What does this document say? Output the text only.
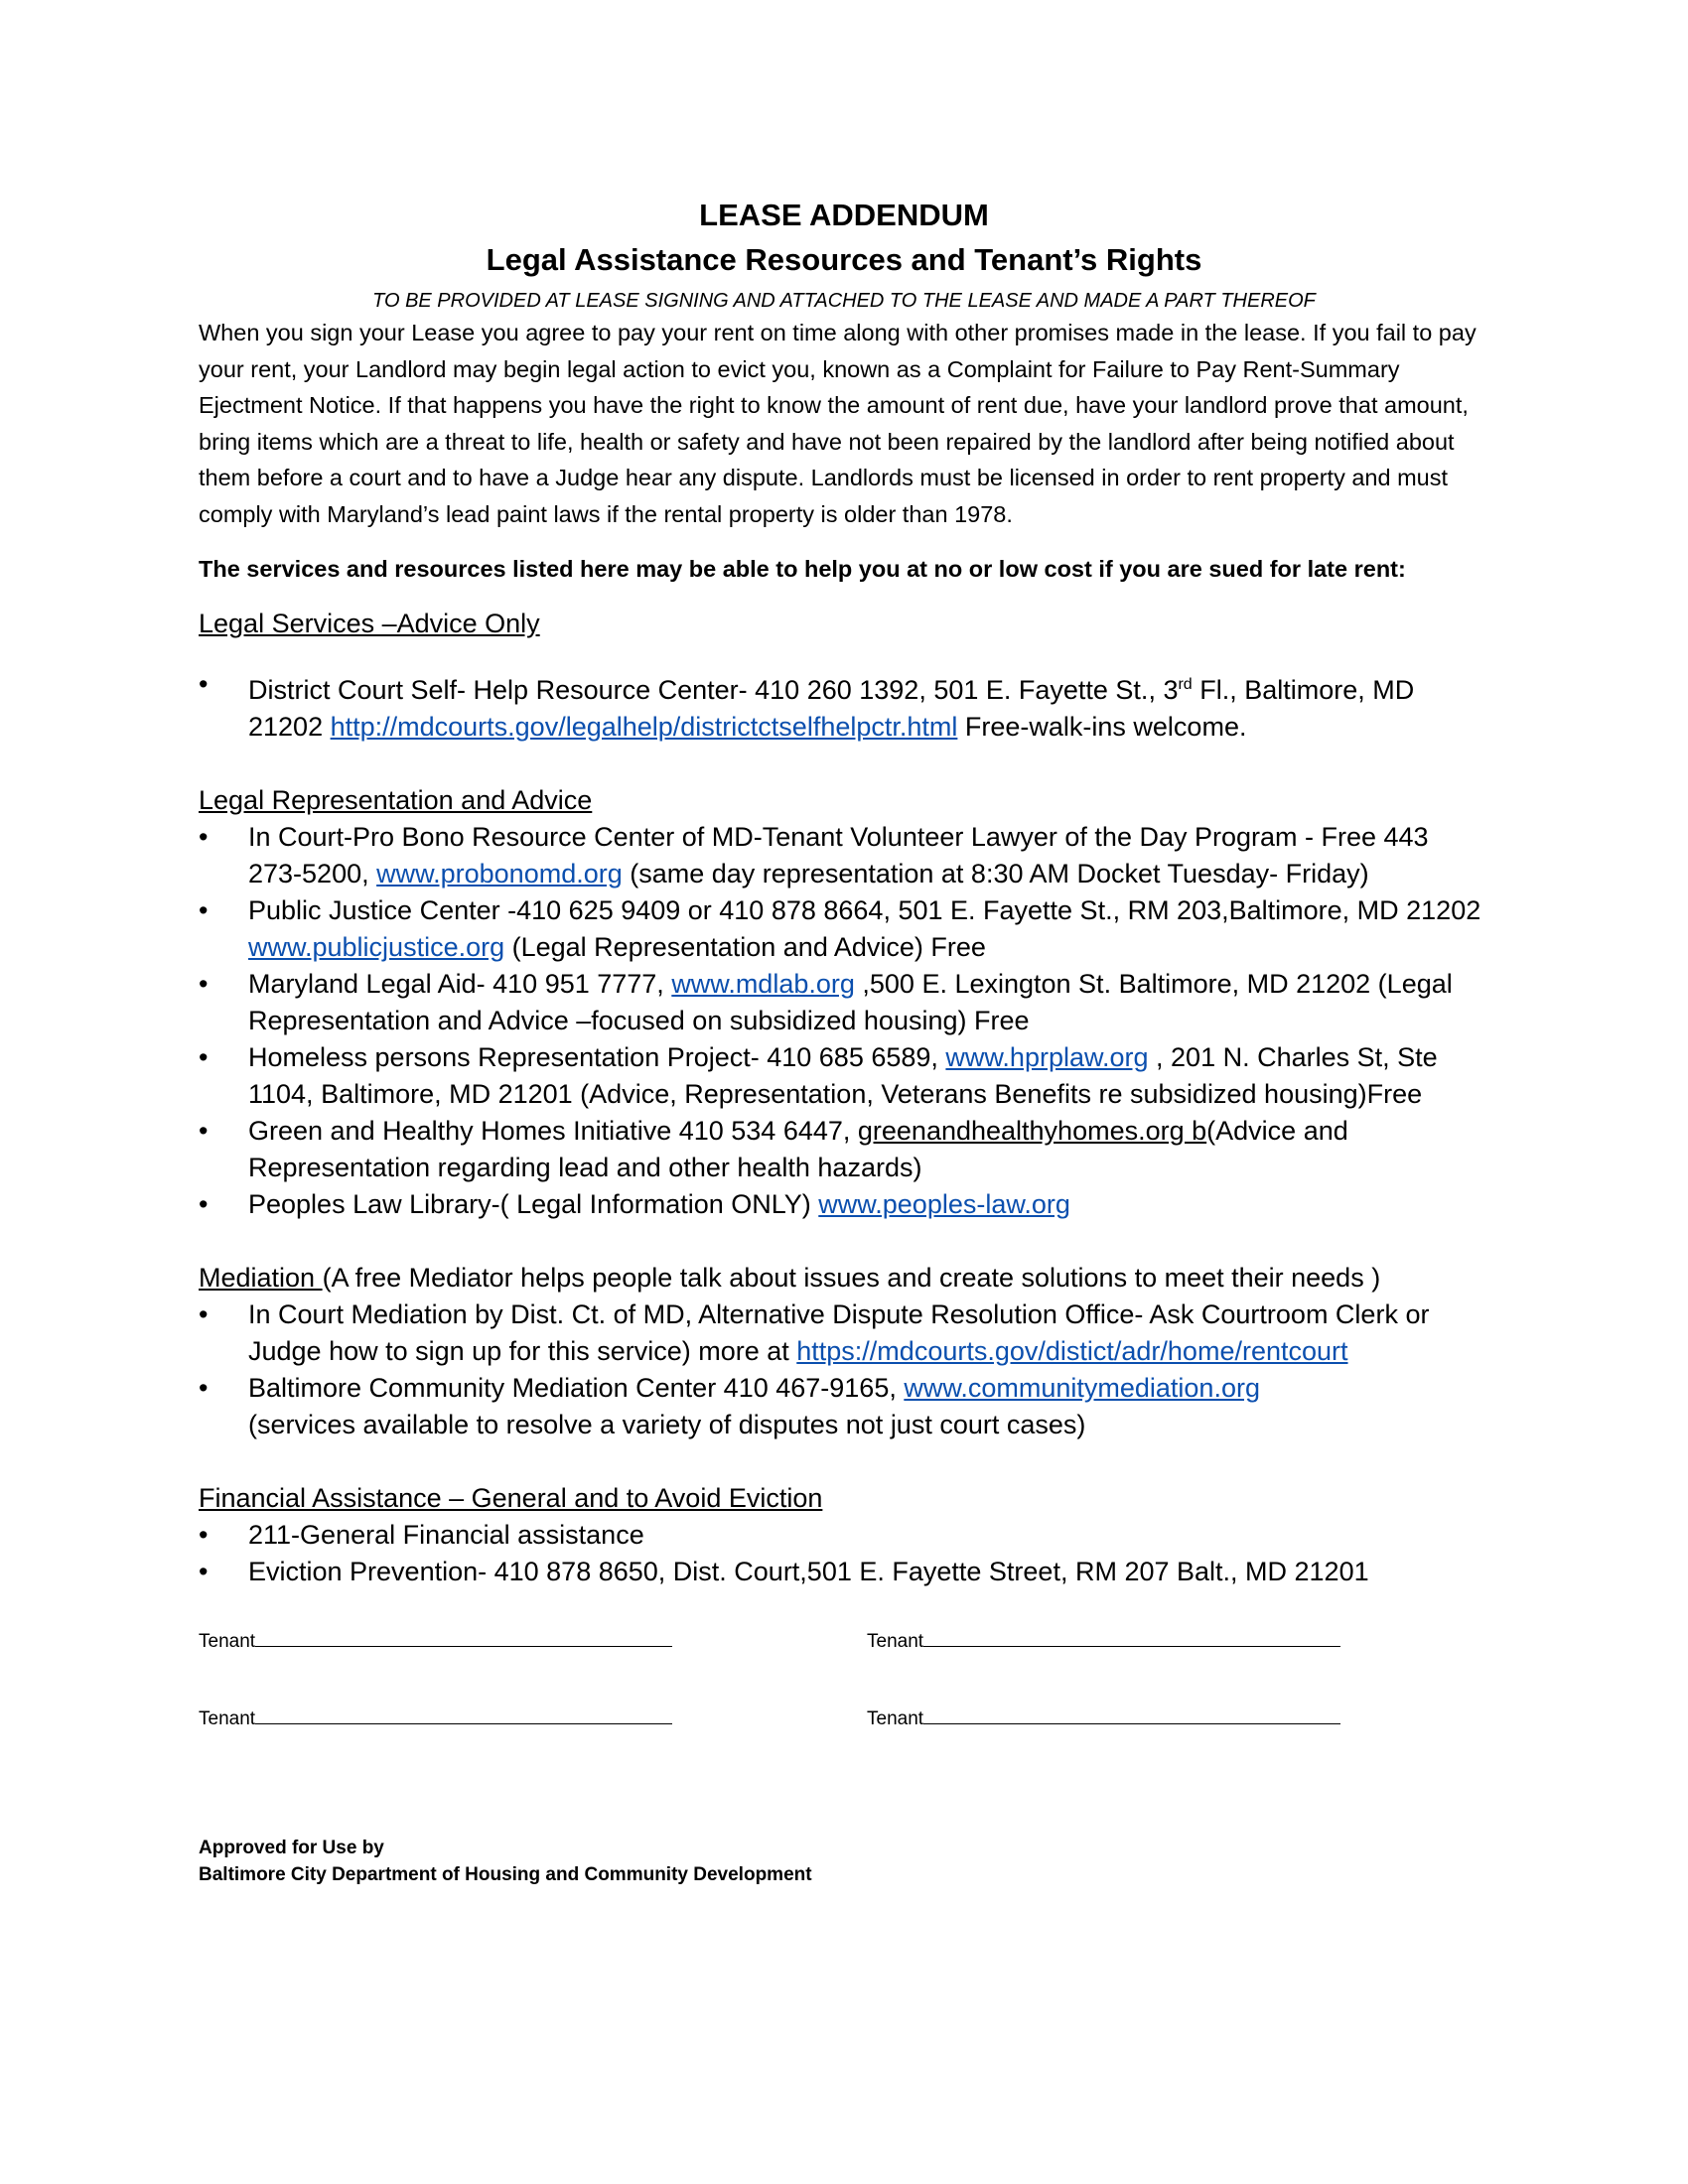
LEASE ADDENDUM
Legal Assistance Resources and Tenant’s Rights
TO BE PROVIDED AT LEASE SIGNING AND ATTACHED TO THE LEASE AND MADE A PART THEREOF

When you sign your Lease you agree to pay your rent on time along with other promises made in the lease. If you fail to pay your rent, your Landlord may begin legal action to evict you, known as a Complaint for Failure to Pay Rent-Summary Ejectment Notice. If that happens you have the right to know the amount of rent due, have your landlord prove that amount, bring items which are a threat to life, health or safety and have not been repaired by the landlord after being notified about them before a court and to have a Judge hear any dispute. Landlords must be licensed in order to rent property and must comply with Maryland’s lead paint laws if the rental property is older than 1978.

The services and resources listed here may be able to help you at no or low cost if you are sued for late rent:
Legal Services –Advice Only
•	District Court Self- Help Resource Center- 410 260 1392, 501 E. Fayette St., 3rd Fl., Baltimore, MD 21202 http://mdcourts.gov/legalhelp/districtctselfhelpctr.html Free-walk-ins welcome.
Legal Representation and Advice
•	In Court-Pro Bono Resource Center of MD-Tenant Volunteer Lawyer of the Day Program - Free 443 273-5200, www.probonomd.org (same day representation at 8:30 AM Docket Tuesday- Friday)
•	Public Justice Center -410 625 9409 or 410 878 8664, 501 E. Fayette St., RM 203,Baltimore, MD 21202 www.publicjustice.org (Legal Representation and Advice) Free
•	Maryland Legal Aid- 410 951 7777, www.mdlab.org ,500 E. Lexington St. Baltimore, MD 21202 (Legal Representation and Advice –focused on subsidized housing) Free
•	Homeless persons Representation Project- 410 685 6589, www.hprplaw.org , 201 N. Charles St, Ste 1104, Baltimore, MD 21201 (Advice, Representation, Veterans Benefits re subsidized housing)Free
•	Green and Healthy Homes Initiative 410 534 6447, greenandhealthyhomes.org b(Advice and Representation regarding lead and other health hazards)
•	Peoples Law Library-( Legal Information ONLY) www.peoples-law.org
Mediation (A free Mediator helps people talk about issues and create solutions to meet their needs )
•	In Court Mediation by Dist. Ct. of MD, Alternative Dispute Resolution Office- Ask Courtroom Clerk or Judge how to sign up for this service) more at https://mdcourts.gov/distict/adr/home/rentcourt
•	Baltimore Community Mediation Center 410 467-9165, www.communitymediation.org
(services available to resolve a variety of disputes not just court cases)
Financial Assistance – General and to Avoid Eviction
•	211-General Financial assistance
•	Eviction Prevention- 410 878 8650, Dist. Court,501 E. Fayette Street, RM 207 Balt., MD 21201
Tenant	Tenant
Tenant	Tenant
Approved for Use by
Baltimore City Department of Housing and Community Development
